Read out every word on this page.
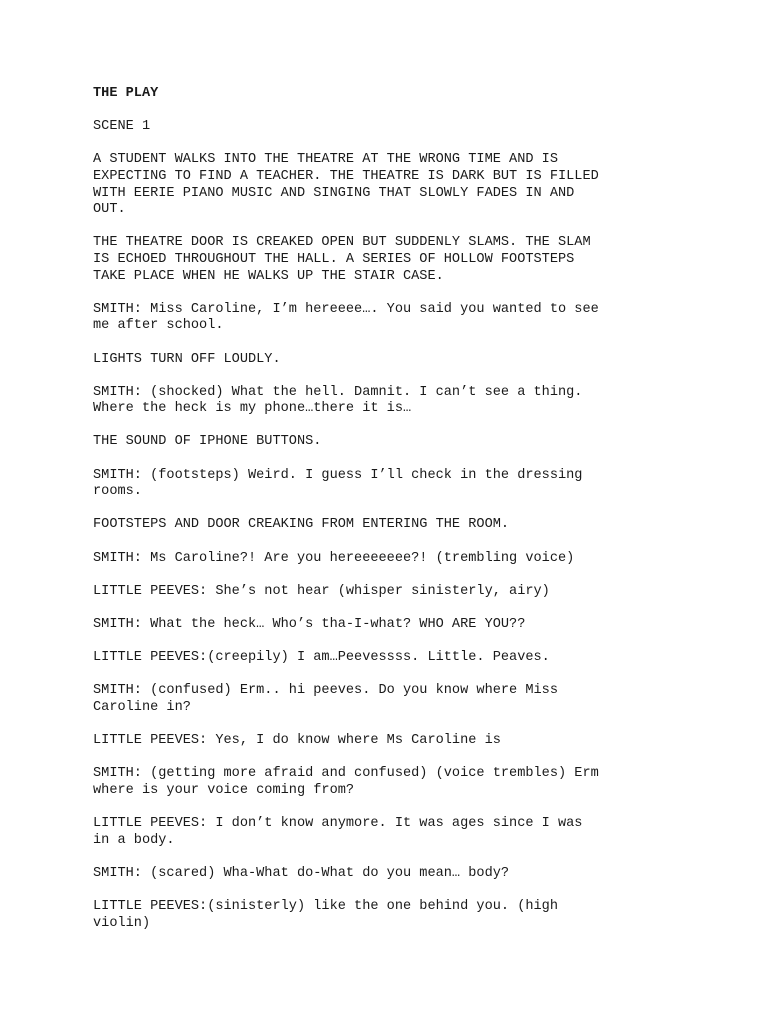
THE PLAY

SCENE 1

A STUDENT WALKS INTO THE THEATRE AT THE WRONG TIME AND IS
EXPECTING TO FIND A TEACHER. THE THEATRE IS DARK BUT IS FILLED
WITH EERIE PIANO MUSIC AND SINGING THAT SLOWLY FADES IN AND
OUT.

THE THEATRE DOOR IS CREAKED OPEN BUT SUDDENLY SLAMS. THE SLAM
IS ECHOED THROUGHOUT THE HALL. A SERIES OF HOLLOW FOOTSTEPS
TAKE PLACE WHEN HE WALKS UP THE STAIR CASE.

SMITH: Miss Caroline, I’m hereeee…. You said you wanted to see
me after school.

LIGHTS TURN OFF LOUDLY.

SMITH: (shocked) What the hell. Damnit. I can’t see a thing.
Where the heck is my phone…there it is…

THE SOUND OF IPHONE BUTTONS.

SMITH: (footsteps) Weird. I guess I’ll check in the dressing
rooms.

FOOTSTEPS AND DOOR CREAKING FROM ENTERING THE ROOM.

SMITH: Ms Caroline?! Are you hereeeeeee?! (trembling voice)

LITTLE PEEVES: She’s not hear (whisper sinisterly, airy)

SMITH: What the heck… Who’s tha-I-what? WHO ARE YOU??

LITTLE PEEVES:(creepily) I am…Peevessss. Little. Peaves.

SMITH: (confused) Erm.. hi peeves. Do you know where Miss
Caroline in?

LITTLE PEEVES: Yes, I do know where Ms Caroline is

SMITH: (getting more afraid and confused) (voice trembles) Erm
where is your voice coming from?

LITTLE PEEVES: I don’t know anymore. It was ages since I was
in a body.

SMITH: (scared) Wha-What do-What do you mean… body?

LITTLE PEEVES:(sinisterly) like the one behind you. (high
violin)
